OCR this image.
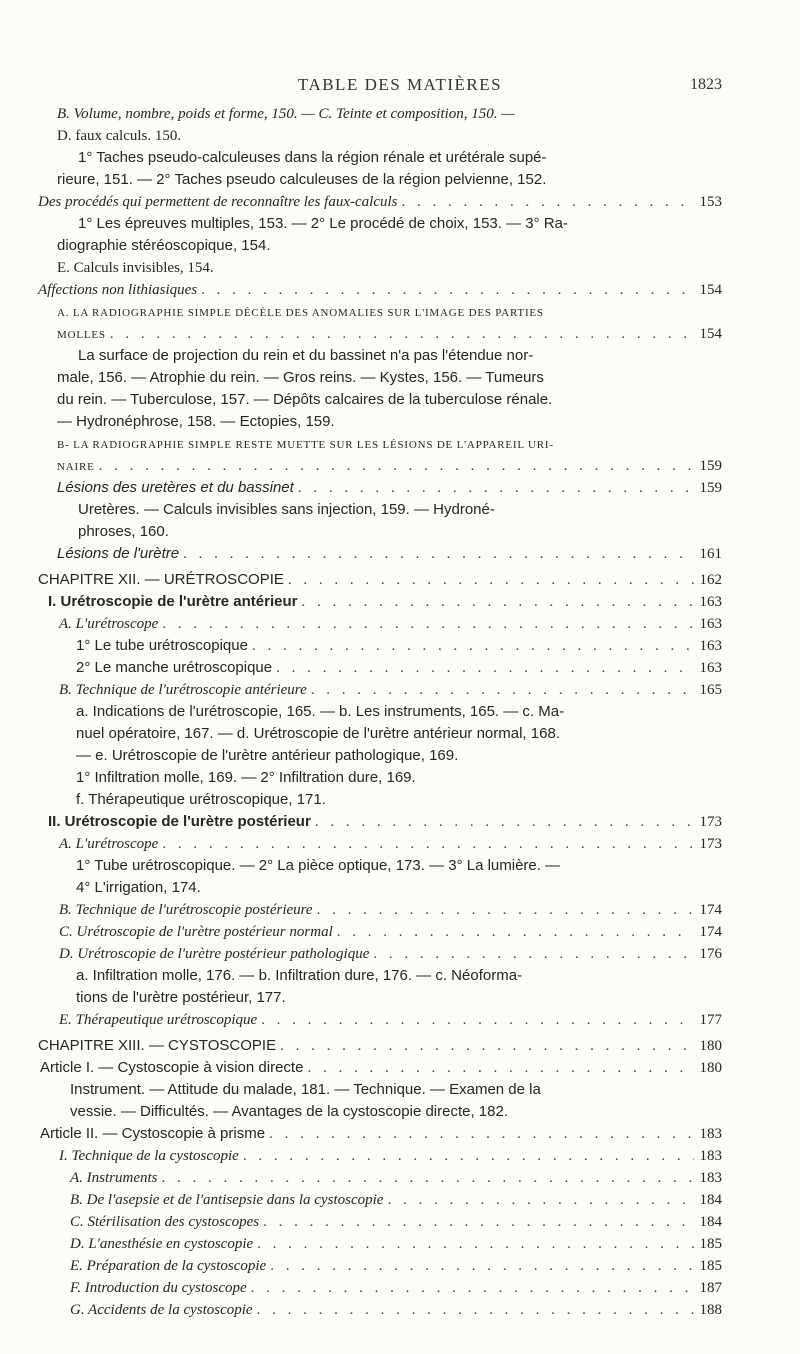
TABLE DES MATIÈRES	1823
B. Volume, nombre, poids et forme, 150. — C. Teinte et composition, 150. —
D. faux calculs. 150.
1° Taches pseudo-calculeuses dans la région rénale et urétérale supé-
rieure, 151. — 2° Taches pseudo calculeuses de la région pelvienne, 152.
Des procédés qui permettent de reconnaître les faux-calculs . . .	153
1° Les épreuves multiples, 153. — 2° Le procédé de choix, 153. — 3° Ra-
diographie stéréoscopique, 154.
E. Calculs invisibles, 154.
Affections non lithiasiques . . .	154
A. LA RADIOGRAPHIE SIMPLE DÉCÈLE DES ANOMALIES SUR L'IMAGE DES PARTIES
MOLLES . . .	154
La surface de projection du rein et du bassinet n'a pas l'étendue nor-
male, 156. — Atrophie du rein. — Gros reins. — Kystes, 156. — Tumeurs
du rein. — Tuberculose, 157. — Dépôts calcaires de la tuberculose rénale.
— Hydronéphrose, 158. — Ectopies, 159.
B- LA RADIOGRAPHIE SIMPLE RESTE MUETTE SUR LES LÉSIONS DE L'APPAREIL URI-
NAIRE . . .	159
Lésions des uretères et du bassinet . . .	159
Uretères. — Calculs invisibles sans injection, 159. — Hydroné-
phroses, 160.
Lésions de l'urètre . . .	161
CHAPITRE XII. — URÉTROSCOPIE . . .	162
I. Urétroscopie de l'urètre antérieur . . .	163
A. L'urétroscope . . .	163
1° Le tube urétroscopique . . .	163
2° Le manche urétroscopique . . .	163
B. Technique de l'urétroscopie antérieure . . .	165
a. Indications de l'urétroscopie, 165. — b. Les instruments, 165. — c. Ma-
nuel opératoire, 167. — d. Urétroscopie de l'urètre antérieur normal, 168.
— e. Urétroscopie de l'urètre antérieur pathologique, 169.
1° Infiltration molle, 169. — 2° Infiltration dure, 169.
f. Thérapeutique urétroscopique, 171.
II. Urétroscopie de l'urètre postérieur . . .	173
A. L'urétroscope . . .	173
1° Tube urétroscopique. — 2° La pièce optique, 173. — 3° La lumière. —
4° L'irrigation, 174.
B. Technique de l'urétroscopie postérieure . . .	174
C. Urétroscopie de l'urètre postérieur normal . . .	174
D. Urétroscopie de l'urètre postérieur pathologique . . .	176
a. Infiltration molle, 176. — b. Infiltration dure, 176. — c. Néoforma-
tions de l'urètre postérieur, 177.
E. Thérapeutique urétroscopique . . .	177
CHAPITRE XIII. — CYSTOSCOPIE . . .	180
Article I. — Cystoscopie à vision directe . . .	180
Instrument. — Attitude du malade, 181. — Technique. — Examen de la
vessie. — Difficultés. — Avantages de la cystoscopie directe, 182.
Article II. — Cystoscopie à prisme . . .	183
I. Technique de la cystoscopie . . .	183
A. Instruments . . .	183
B. De l'asepsie et de l'antisepsie dans la cystoscopie . . .	184
C. Stérilisation des cystoscopes . . .	184
D. L'anesthésie en cystoscopie . . .	185
E. Préparation de la cystoscopie . . .	185
F. Introduction du cystoscope . . .	187
G. Accidents de la cystoscopie . . .	188
